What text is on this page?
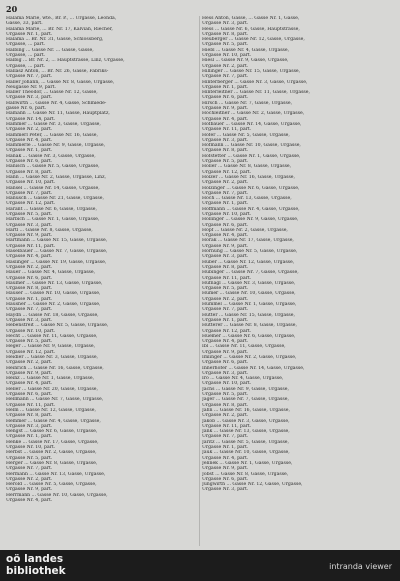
20
Halama Marie, wte., Br. P., ... Urgasse, Leonda,
Gasse, 33, part.
Halama Marie, ... Br. Nr. 17, Kalvian, Riecher,
Urgasse Nr. 1, part.
Halama ... Br. Nr. 31, Gasse, Schlossberg,
Urgasse, ... part.
Halbing ... Gasse Nr. ... Gasse, Gasse,
Urgasse, ... part.
Halbig ... Br. Nr. 2, ... Hauptstrasse, Linz, Urgasse,
Urgasse, ... part.
Hallasz Anton, ... Br. Nr. 26, Gasse, Fabriks-
Urgasse Nr. 7, part.
Haller Johann, ... Gasse Nr. 8, Gasse, Urgasse,
Neugasse Nr. 9, part.
Haller Theodor, ... Gasse Nr. 12, Gasse,
Urgasse Nr. 3, part.
Hallwirth ... Gasse Nr. 4, Gasse, Schmiede-
gasse Nr. 6, part.
Hamann ... Gasse Nr. 11, Gasse, Hauptplatz,
Urgasse Nr. 14, part.
Hammer ... Gasse Nr. 3, Gasse, Urgasse,
Urgasse Nr. 2, part.
Hammerl Peter, ... Gasse Nr. 16, Gasse,
Urgasse Nr. 4, part.
Hammerle ... Gasse Nr. 9, Gasse, Urgasse,
Urgasse Nr. 1, part.
Hanak ... Gasse Nr. 3, Gasse, Urgasse,
Urgasse Nr. 6, part.
Hanisch ... Gasse Nr. 5, Gasse, Urgasse,
Urgasse Nr. 8, part.
Hann ... Gasse Nr. 2, Gasse, Urgasse, Linz,
Urgasse Nr. 10, part.
Hansel ... Gasse Nr. 14, Gasse, Urgasse,
Urgasse Nr. 7, part.
Hanusch ... Gasse Nr. 21, Gasse, Urgasse,
Urgasse Nr. 12, part.
Harant ... Gasse Nr. 6, Gasse, Urgasse,
Urgasse Nr. 5, part.
Harbich ... Gasse Nr. 1, Gasse, Urgasse,
Urgasse Nr. 3, part.
Hartl ... Gasse Nr. 8, Gasse, Urgasse,
Urgasse Nr. 9, part.
Hartmann ... Gasse Nr. 15, Gasse, Urgasse,
Urgasse Nr. 11, part.
Haselbauer ... Gasse Nr. 7, Gasse, Urgasse,
Urgasse Nr. 4, part.
Haslinger ... Gasse Nr. 19, Gasse, Urgasse,
Urgasse Nr. 2, part.
Hauer ... Gasse Nr. 4, Gasse, Urgasse,
Urgasse Nr. 6, part.
Haumer ... Gasse Nr. 13, Gasse, Urgasse,
Urgasse Nr. 8, part.
Hauser ... Gasse Nr. 10, Gasse, Urgasse,
Urgasse Nr. 1, part.
Hausner ... Gasse Nr. 2, Gasse, Urgasse,
Urgasse Nr. 7, part.
Haydn ... Gasse Nr. 18, Gasse, Urgasse,
Urgasse Nr. 3, part.
Hebenstreit ... Gasse Nr. 5, Gasse, Urgasse,
Urgasse Nr. 10, part.
Hecht ... Gasse Nr. 11, Gasse, Urgasse,
Urgasse Nr. 5, part.
Heger ... Gasse Nr. 9, Gasse, Urgasse,
Urgasse Nr. 12, part.
Heidler ... Gasse Nr. 3, Gasse, Urgasse,
Urgasse Nr. 2, part.
Heinrich ... Gasse Nr. 16, Gasse, Urgasse,
Urgasse Nr. 9, part.
Heinz ... Gasse Nr. 1, Gasse, Urgasse,
Urgasse Nr. 4, part.
Heller ... Gasse Nr. 20, Gasse, Urgasse,
Urgasse Nr. 6, part.
Hellmann ... Gasse Nr. 7, Gasse, Urgasse,
Urgasse Nr. 11, part.
Helm ... Gasse Nr. 12, Gasse, Urgasse,
Urgasse Nr. 8, part.
Hemmer ... Gasse Nr. 4, Gasse, Urgasse,
Urgasse Nr. 3, part.
Hengst ... Gasse Nr. 6, Gasse, Urgasse,
Urgasse Nr. 1, part.
Henke ... Gasse Nr. 17, Gasse, Urgasse,
Urgasse Nr. 10, part.
Herbst ... Gasse Nr. 2, Gasse, Urgasse,
Urgasse Nr. 5, part.
Herger ... Gasse Nr. 8, Gasse, Urgasse,
Urgasse Nr. 7, part.
Hermann ... Gasse Nr. 13, Gasse, Urgasse,
Urgasse Nr. 2, part.
Herold ... Gasse Nr. 5, Gasse, Urgasse,
Urgasse Nr. 9, part.
Herrmann ... Gasse Nr. 10, Gasse, Urgasse,
Urgasse Nr. 4, part.
Hess Anton, Gasse, ... Gasse Nr. 1, Gasse,
Urgasse Nr. 3, part.
Hess ... Gasse Nr. 6, Gasse, Hauptstrasse,
Urgasse Nr. 8, part.
Heuberger ... Gasse Nr. 12, Gasse, Urgasse,
Urgasse Nr. 5, part.
Hiebl ... Gasse Nr. 4, Gasse, Urgasse,
Urgasse Nr. 10, part.
Hiesl ... Gasse Nr. 9, Gasse, Urgasse,
Urgasse Nr. 2, part.
Hillinger ... Gasse Nr. 15, Gasse, Urgasse,
Urgasse Nr. 7, part.
Hinterberger ... Gasse Nr. 3, Gasse, Urgasse,
Urgasse Nr. 1, part.
Hinterleitner ... Gasse Nr. 11, Gasse, Urgasse,
Urgasse Nr. 6, part.
Hirsch ... Gasse Nr. 7, Gasse, Urgasse,
Urgasse Nr. 9, part.
Hochleitner ... Gasse Nr. 2, Gasse, Urgasse,
Urgasse Nr. 4, part.
Hofbauer ... Gasse Nr. 14, Gasse, Urgasse,
Urgasse Nr. 11, part.
Hofer ... Gasse Nr. 5, Gasse, Urgasse,
Urgasse Nr. 3, part.
Hofmann ... Gasse Nr. 10, Gasse, Urgasse,
Urgasse Nr. 8, part.
Hofstetter ... Gasse Nr. 1, Gasse, Urgasse,
Urgasse Nr. 5, part.
Holler ... Gasse Nr. 8, Gasse, Urgasse,
Urgasse Nr. 12, part.
Holzer ... Gasse Nr. 16, Gasse, Urgasse,
Urgasse Nr. 2, part.
Holzinger ... Gasse Nr. 6, Gasse, Urgasse,
Urgasse Nr. 7, part.
Hoch ... Gasse Nr. 13, Gasse, Urgasse,
Urgasse Nr. 1, part.
Hoffmann ... Gasse Nr. 4, Gasse, Urgasse,
Urgasse Nr. 10, part.
Hollinger ... Gasse Nr. 9, Gasse, Urgasse,
Urgasse Nr. 6, part.
Hopf ... Gasse Nr. 2, Gasse, Urgasse,
Urgasse Nr. 4, part.
Horak ... Gasse Nr. 17, Gasse, Urgasse,
Urgasse Nr. 9, part.
Hornung ... Gasse Nr. 5, Gasse, Urgasse,
Urgasse Nr. 3, part.
Huber ... Gasse Nr. 12, Gasse, Urgasse,
Urgasse Nr. 8, part.
Hubinger ... Gasse Nr. 7, Gasse, Urgasse,
Urgasse Nr. 11, part.
Hufnagl ... Gasse Nr. 3, Gasse, Urgasse,
Urgasse Nr. 5, part.
Humer ... Gasse Nr. 10, Gasse, Urgasse,
Urgasse Nr. 2, part.
Hummel ... Gasse Nr. 1, Gasse, Urgasse,
Urgasse Nr. 7, part.
Hutter ... Gasse Nr. 15, Gasse, Urgasse,
Urgasse Nr. 1, part.
Hutterer ... Gasse Nr. 8, Gasse, Urgasse,
Urgasse Nr. 12, part.
Huemer ... Gasse Nr. 6, Gasse, Urgasse,
Urgasse Nr. 4, part.
Ibl ... Gasse Nr. 11, Gasse, Urgasse,
Urgasse Nr. 9, part.
Imlinger ... Gasse Nr. 2, Gasse, Urgasse,
Urgasse Nr. 6, part.
Innerhofer ... Gasse Nr. 14, Gasse, Urgasse,
Urgasse Nr. 3, part.
Iro ... Gasse Nr. 4, Gasse, Urgasse,
Urgasse Nr. 10, part.
Jachs ... Gasse Nr. 9, Gasse, Urgasse,
Urgasse Nr. 5, part.
Jäger ... Gasse Nr. 7, Gasse, Urgasse,
Urgasse Nr. 8, part.
Jahn ... Gasse Nr. 16, Gasse, Urgasse,
Urgasse Nr. 2, part.
Jakob ... Gasse Nr. 3, Gasse, Urgasse,
Urgasse Nr. 11, part.
Jank ... Gasse Nr. 13, Gasse, Urgasse,
Urgasse Nr. 7, part.
Jaritz ... Gasse Nr. 5, Gasse, Urgasse,
Urgasse Nr. 1, part.
Jauk ... Gasse Nr. 10, Gasse, Urgasse,
Urgasse Nr. 4, part.
Jelinek ... Gasse Nr. 1, Gasse, Urgasse,
Urgasse Nr. 9, part.
Jobst ... Gasse Nr. 8, Gasse, Urgasse,
Urgasse Nr. 6, part.
Jungwirth ... Gasse Nr. 12, Gasse, Urgasse,
Urgasse Nr. 3, part.
oö landes
bibliothek	intranda viewer
